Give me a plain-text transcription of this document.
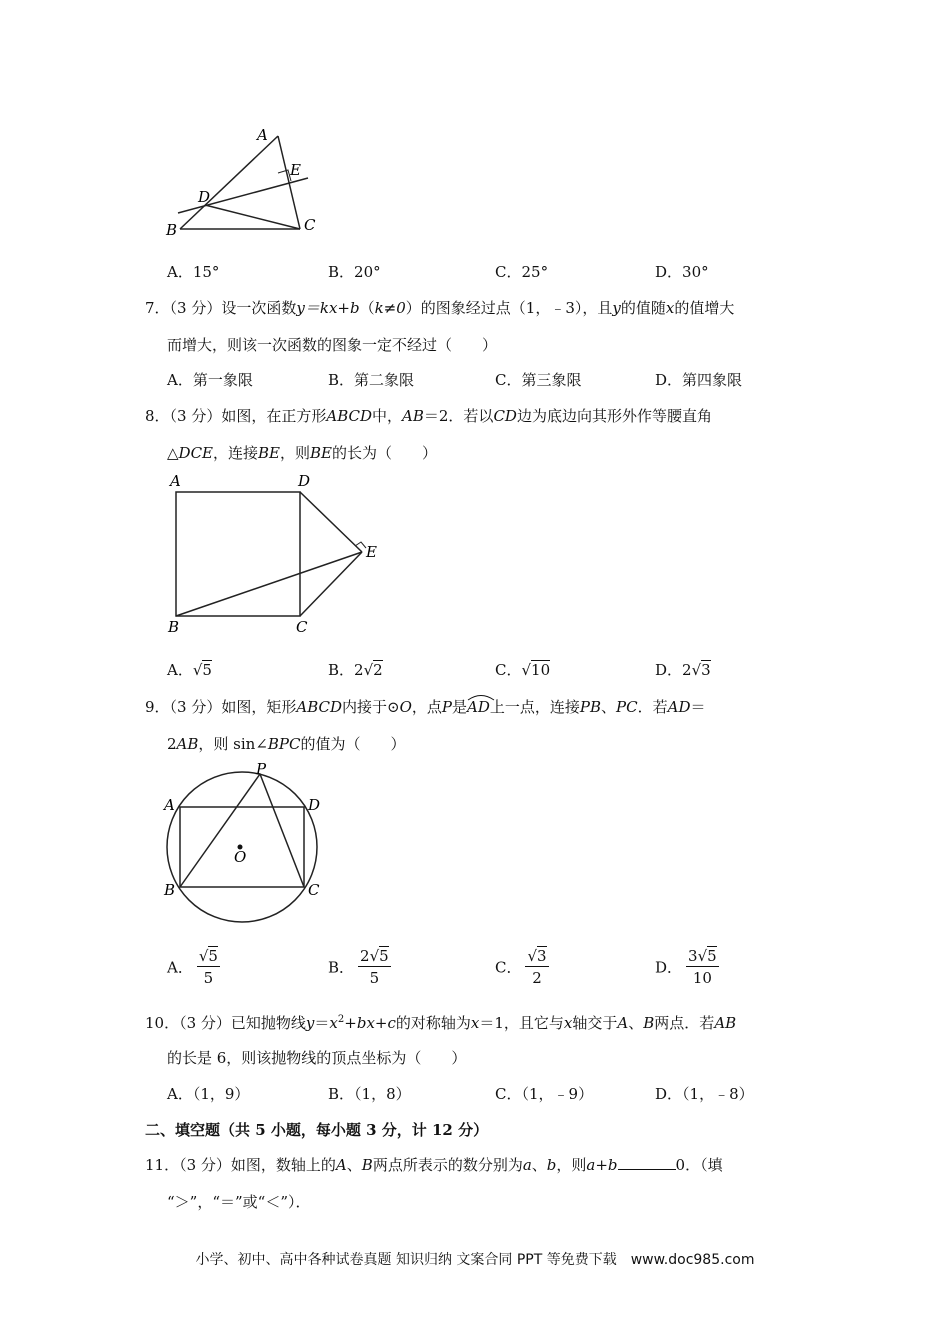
A
B	C
D
E
A．15°	B．20°	C．25°	D．30°
7．（3 分）设一次函数y＝kx+b（k≠0）的图象经过点（1，﹣3），且y的值随x的值增大
而增大，则该一次函数的图象一定不经过（　　）
A．第一象限	B．第二象限	C．第三象限	D．第四象限
8．（3 分）如图，在正方形ABCD中，AB＝2．若以CD边为底边向其形外作等腰直角
△DCE，连接BE，则BE的长为（　　）
A	D
E
B	C
A．√5	B．2√2	C．√10	D．2√3
9．（3 分）如图，矩形ABCD内接于⊙O，点P是
AD上一点，连接PB、PC．若AD＝
2AB，则 sin∠BPC的值为（　　）
P
A	D
B	C
O
A． $\frac{√5}{5}$	B． $\frac{2√5}{5}$	C． $\frac{√3}{2}$	D． $\frac{3√5}{10}$
10．（3 分）已知抛物线$y=x^2+bx+c$的对称轴为x＝1，且它与x轴交于A、B两点．若AB
的长是 6，则该抛物线的顶点坐标为（　　）
A．（1，9）	B．（1，8）	C．（1，﹣9）	D．（1，﹣8）
二、填空题（共 5 小题，每小题 3 分，计 12 分）
11．（3 分）如图，数轴上的A、B两点所表示的数分别为a、b，则a+b	0．（填
“＞”，“＝”或“＜”）．
小学、初中、高中各种试卷真题 知识归纳 文案合同 PPT 等免费下载　www.doc985.com
